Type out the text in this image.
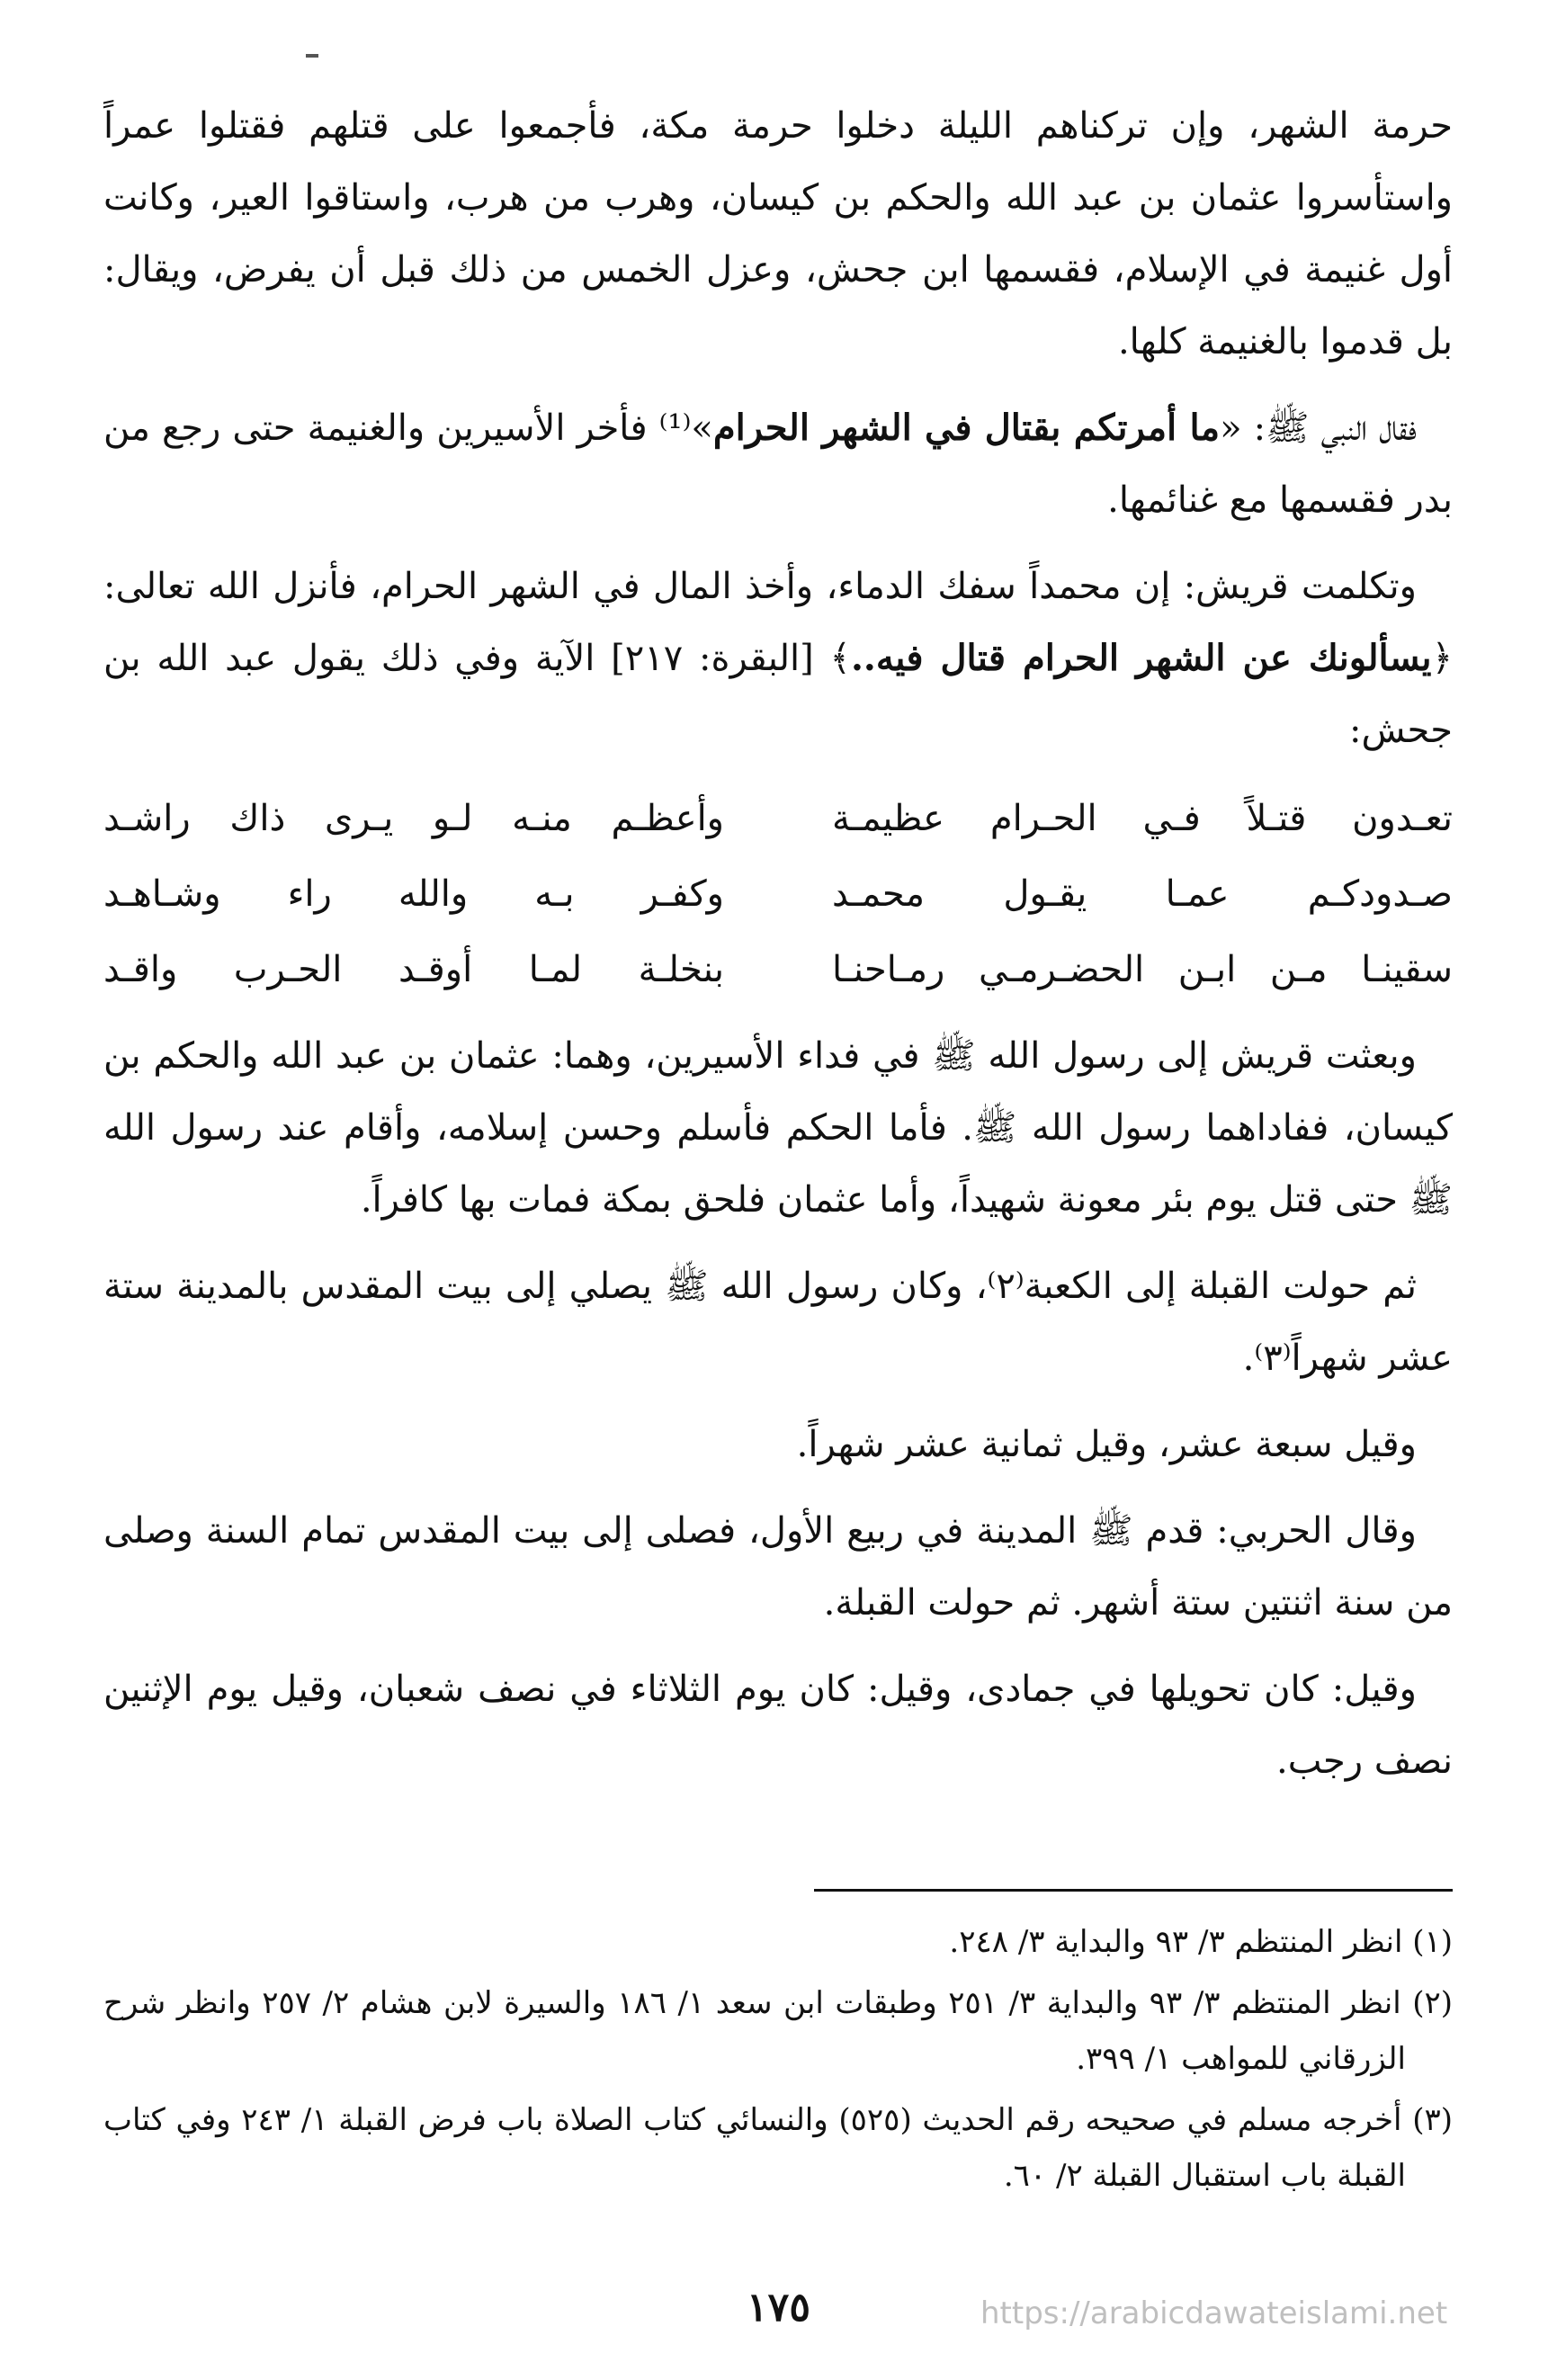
حرمة الشهر، وإن تركناهم الليلة دخلوا حرمة مكة، فأجمعوا على قتلهم فقتلوا عمراً واستأسروا عثمان بن عبد الله والحكم بن كيسان، وهرب من هرب، واستاقوا العير، وكانت أول غنيمة في الإسلام، فقسمها ابن جحش، وعزل الخمس من ذلك قبل أن يفرض، ويقال: بل قدموا بالغنيمة كلها.

فقال النبي ﷺ: «ما أمرتكم بقتال في الشهر الحرام»⁽¹⁾ فأخر الأسيرين والغنيمة حتى رجع من بدر فقسمها مع غنائمها.

وتكلمت قريش: إن محمداً سفك الدماء، وأخذ المال في الشهر الحرام، فأنزل الله تعالى: ﴿يسألونك عن الشهر الحرام قتال فيه..﴾ [البقرة: ٢١٧] الآية وفي ذلك يقول عبد الله بن جحش:

تعـدون قتـلاً فـي الحـرام عظيمـة
وأعظـم منـه لـو يـرى ذاك راشـد
صـدودكـم عمـا يقـول محمـد
وكفـر بـه والله راء وشـاهـد
سقينـا مـن ابـن الحضـرمـي رمـاحنـا
بنخلـة لمـا أوقـد الحـرب واقـد

وبعثت قريش إلى رسول الله ﷺ في فداء الأسيرين، وهما: عثمان بن عبد الله والحكم بن كيسان، ففاداهما رسول الله ﷺ. فأما الحكم فأسلم وحسن إسلامه، وأقام عند رسول الله ﷺ حتى قتل يوم بئر معونة شهيداً، وأما عثمان فلحق بمكة فمات بها كافراً.

ثم حولت القبلة إلى الكعبة⁽٢⁾، وكان رسول الله ﷺ يصلي إلى بيت المقدس بالمدينة ستة عشر شهراً⁽٣⁾.

وقيل سبعة عشر، وقيل ثمانية عشر شهراً.

وقال الحربي: قدم ﷺ المدينة في ربيع الأول، فصلى إلى بيت المقدس تمام السنة وصلى من سنة اثنتين ستة أشهر. ثم حولت القبلة.

وقيل: كان تحويلها في جمادى، وقيل: كان يوم الثلاثاء في نصف شعبان، وقيل يوم الإثنين نصف رجب.

(١) انظر المنتظم ٣/ ٩٣ والبداية ٣/ ٢٤٨.

(٢) انظر المنتظم ٣/ ٩٣ والبداية ٣/ ٢٥١ وطبقات ابن سعد ١/ ١٨٦ والسيرة لابن هشام ٢/ ٢٥٧ وانظر شرح الزرقاني للمواهب ١/ ٣٩٩.

(٣) أخرجه مسلم في صحيحه رقم الحديث (٥٢٥) والنسائي كتاب الصلاة باب فرض القبلة ١/ ٢٤٣ وفي كتاب القبلة باب استقبال القبلة ٢/ ٦٠.

١٧٥	https://arabicdawateislami.net
